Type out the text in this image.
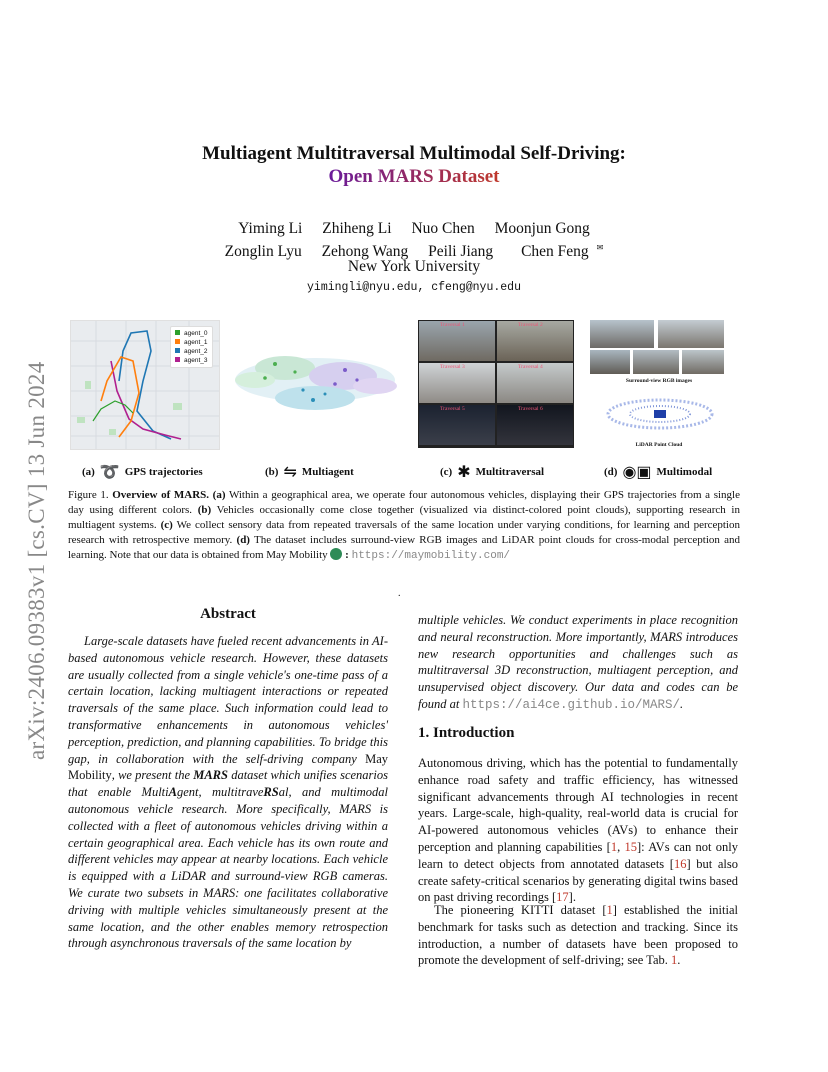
arXiv:2406.09383v1 [cs.CV] 13 Jun 2024
Multiagent Multitraversal Multimodal Self-Driving:
Open MARS Dataset
Yiming Li Zhiheng Li Nuo Chen Moonjun Gong
Zonglin Lyu Zehong Wang Peili Jiang Chen Feng ✉
New York University
yimingli@nyu.edu, cfeng@nyu.edu
agent_0
agent_1
agent_2
agent_3
Traversal 1	Traversal 2
Traversal 3	Traversal 4
Traversal 5	Traversal 6
Surround-view RGB images
LiDAR Point Cloud
(a) ➰ GPS trajectories	(b) ⇋ Multiagent	(c) ✱ Multitraversal	(d) ◉▣ Multimodal
Figure 1. Overview of MARS. (a) Within a geographical area, we operate four autonomous vehicles, displaying their GPS trajectories from a single day using different colors. (b) Vehicles occasionally come close together (visualized via distinct-colored point clouds), supporting research in multiagent systems. (c) We collect sensory data from repeated traversals of the same location under varying conditions, for learning and perception research with retrospective memory. (d) The dataset includes surround-view RGB images and LiDAR point clouds for cross-modal perception and learning. Note that our data is obtained from May Mobility : https://maymobility.com/
.
Abstract
Large-scale datasets have fueled recent advancements in AI-based autonomous vehicle research. However, these datasets are usually collected from a single vehicle's one-time pass of a certain location, lacking multiagent interactions or repeated traversals of the same place. Such information could lead to transformative enhancements in autonomous vehicles' perception, prediction, and planning capabilities. To bridge this gap, in collaboration with the self-driving company May Mobility, we present the MARS dataset which unifies scenarios that enable MultiAgent, multitraveRSal, and multimodal autonomous vehicle research. More specifically, MARS is collected with a fleet of autonomous vehicles driving within a certain geographical area. Each vehicle has its own route and different vehicles may appear at nearby locations. Each vehicle is equipped with a LiDAR and surround-view RGB cameras. We curate two subsets in MARS: one facilitates collaborative driving with multiple vehicles simultaneously present at the same location, and the other enables memory retrospection through asynchronous traversals of the same location by
multiple vehicles. We conduct experiments in place recognition and neural reconstruction. More importantly, MARS introduces new research opportunities and challenges such as multitraversal 3D reconstruction, multiagent perception, and unsupervised object discovery. Our data and codes can be found at https://ai4ce.github.io/MARS/.
1. Introduction
Autonomous driving, which has the potential to fundamentally enhance road safety and traffic efficiency, has witnessed significant advancements through AI technologies in recent years. Large-scale, high-quality, real-world data is crucial for AI-powered autonomous vehicles (AVs) to enhance their perception and planning capabilities [1, 15]: AVs can not only learn to detect objects from annotated datasets [16] but also create safety-critical scenarios by generating digital twins based on past driving recordings [17].
The pioneering KITTI dataset [1] established the initial benchmark for tasks such as detection and tracking. Since its introduction, a number of datasets have been proposed to promote the development of self-driving; see Tab. 1.
